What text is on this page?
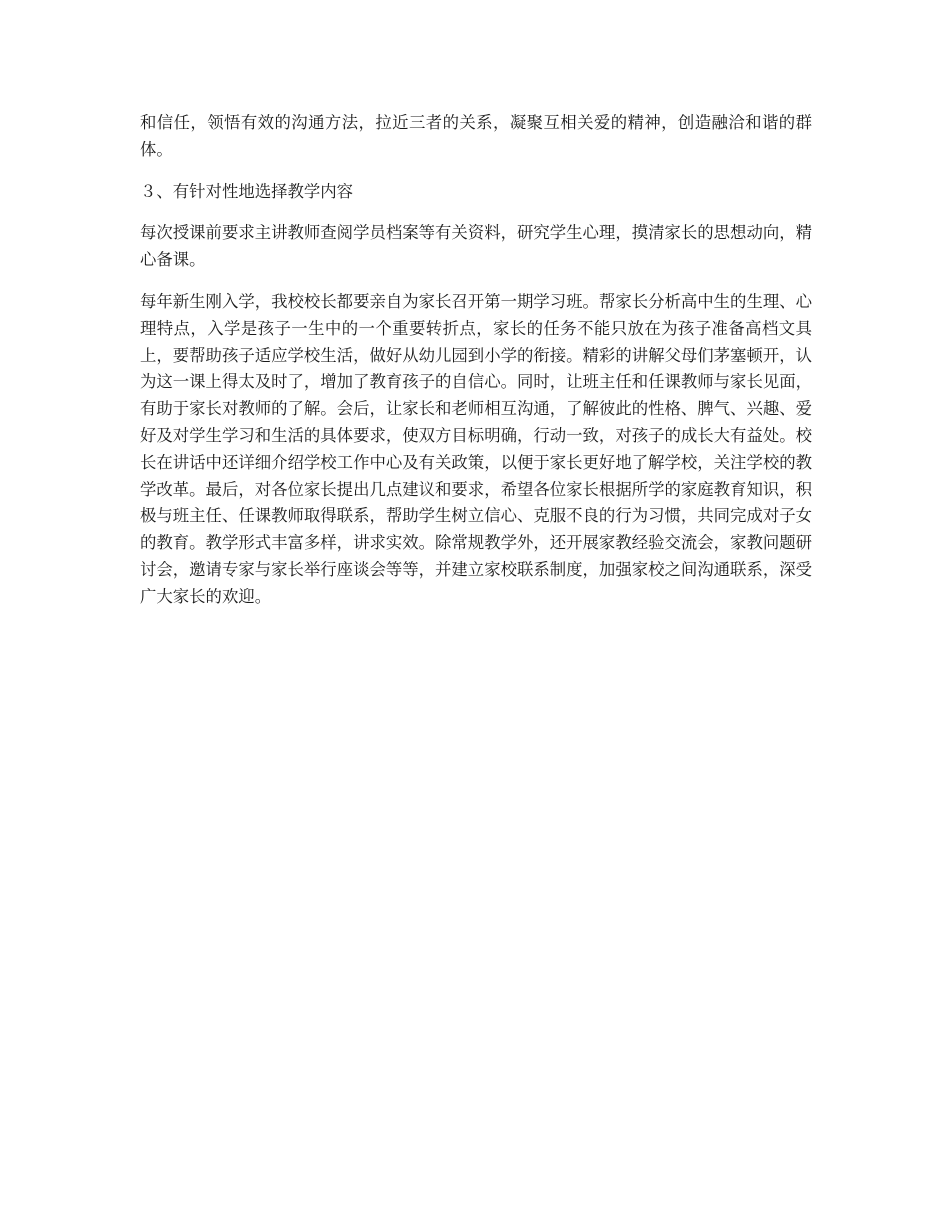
和信任，领悟有效的沟通方法，拉近三者的关系，凝聚互相关爱的精神，创造融洽和谐的群体。

３、有针对性地选择教学内容

每次授课前要求主讲教师查阅学员档案等有关资料，研究学生心理，摸清家长的思想动向，精心备课。

每年新生刚入学，我校校长都要亲自为家长召开第一期学习班。帮家长分析高中生的生理、心理特点，入学是孩子一生中的一个重要转折点，家长的任务不能只放在为孩子准备高档文具上，要帮助孩子适应学校生活，做好从幼儿园到小学的衔接。精彩的讲解父母们茅塞顿开，认为这一课上得太及时了，增加了教育孩子的自信心。同时，让班主任和任课教师与家长见面，有助于家长对教师的了解。会后，让家长和老师相互沟通，了解彼此的性格、脾气、兴趣、爱好及对学生学习和生活的具体要求，使双方目标明确，行动一致，对孩子的成长大有益处。校长在讲话中还详细介绍学校工作中心及有关政策，以便于家长更好地了解学校，关注学校的教学改革。最后，对各位家长提出几点建议和要求，希望各位家长根据所学的家庭教育知识，积极与班主任、任课教师取得联系，帮助学生树立信心、克服不良的行为习惯，共同完成对子女的教育。教学形式丰富多样，讲求实效。除常规教学外，还开展家教经验交流会，家教问题研讨会，邀请专家与家长举行座谈会等等，并建立家校联系制度，加强家校之间沟通联系，深受广大家长的欢迎。
